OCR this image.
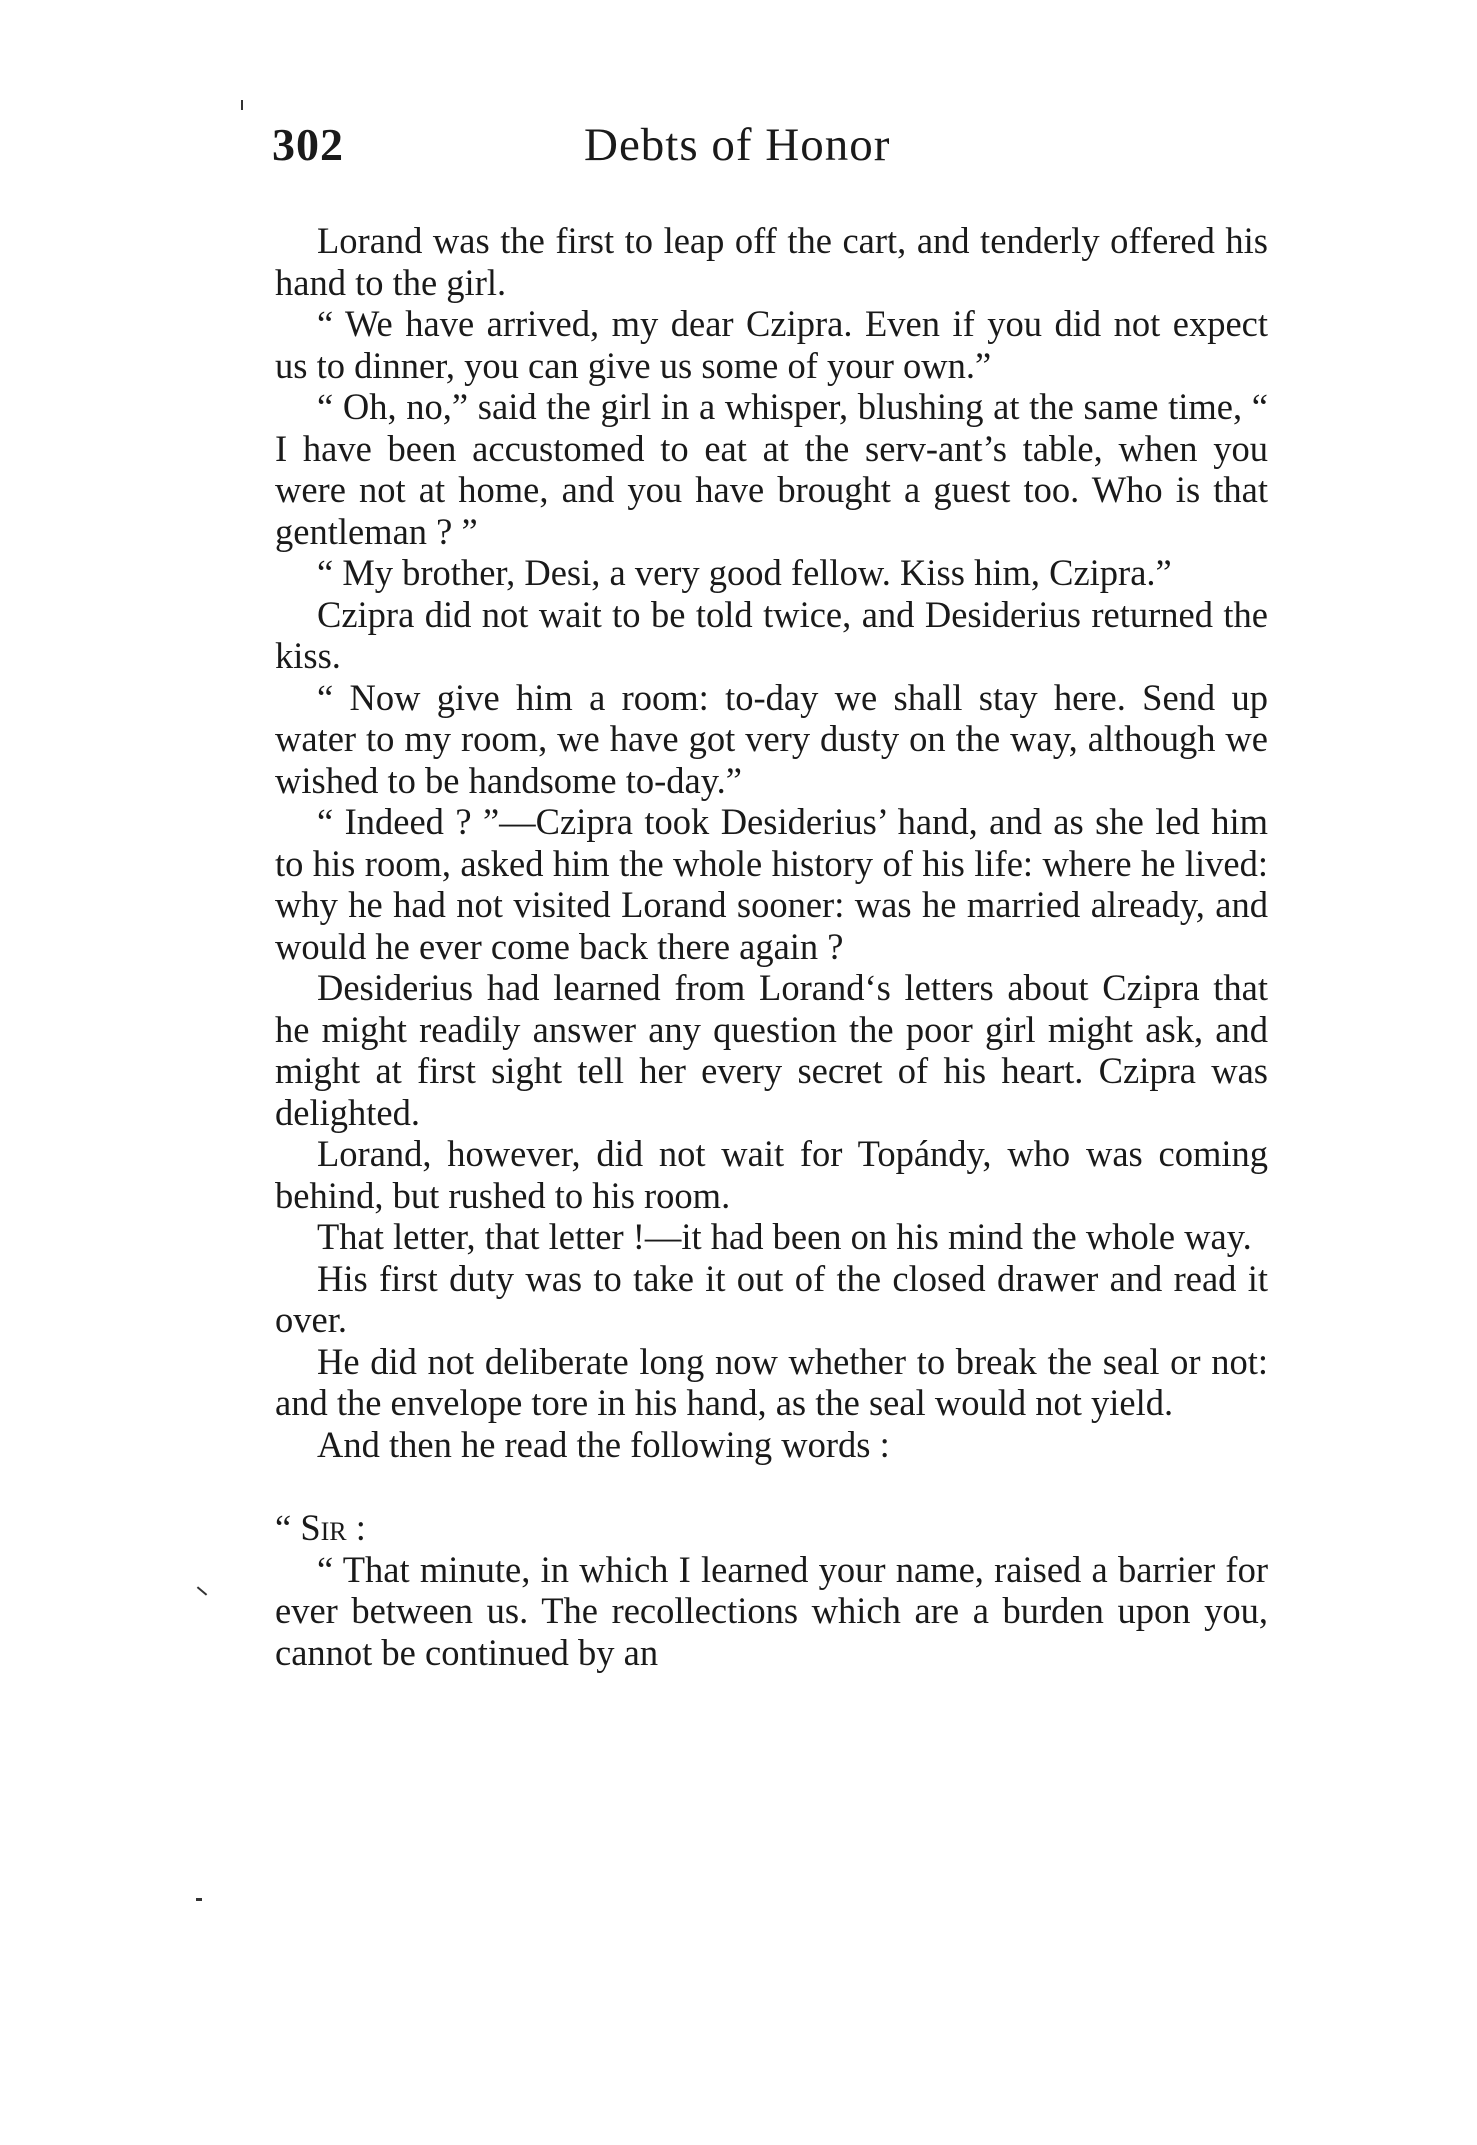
302	Debts of Honor

Lorand was the first to leap off the cart, and tenderly offered his hand to the girl.

“ We have arrived, my dear Czipra. Even if you did not expect us to dinner, you can give us some of your own.”

“ Oh, no,” said the girl in a whisper, blushing at the same time, “ I have been accustomed to eat at the serv-ant’s table, when you were not at home, and you have brought a guest too. Who is that gentleman ? ”

“ My brother, Desi, a very good fellow. Kiss him, Czipra.”

Czipra did not wait to be told twice, and Desiderius returned the kiss.

“ Now give him a room: to-day we shall stay here. Send up water to my room, we have got very dusty on the way, although we wished to be handsome to-day.”

“ Indeed ? ”—Czipra took Desiderius’ hand, and as she led him to his room, asked him the whole history of his life: where he lived: why he had not visited Lorand sooner: was he married already, and would he ever come back there again ?

Desiderius had learned from Lorand‘s letters about Czipra that he might readily answer any question the poor girl might ask, and might at first sight tell her every secret of his heart. Czipra was delighted.

Lorand, however, did not wait for Topándy, who was coming behind, but rushed to his room.

That letter, that letter !—it had been on his mind the whole way.

His first duty was to take it out of the closed drawer and read it over.

He did not deliberate long now whether to break the seal or not: and the envelope tore in his hand, as the seal would not yield.

And then he read the following words :

“ Sir :

“ That minute, in which I learned your name, raised a barrier for ever between us. The recollections which are a burden upon you, cannot be continued by an
